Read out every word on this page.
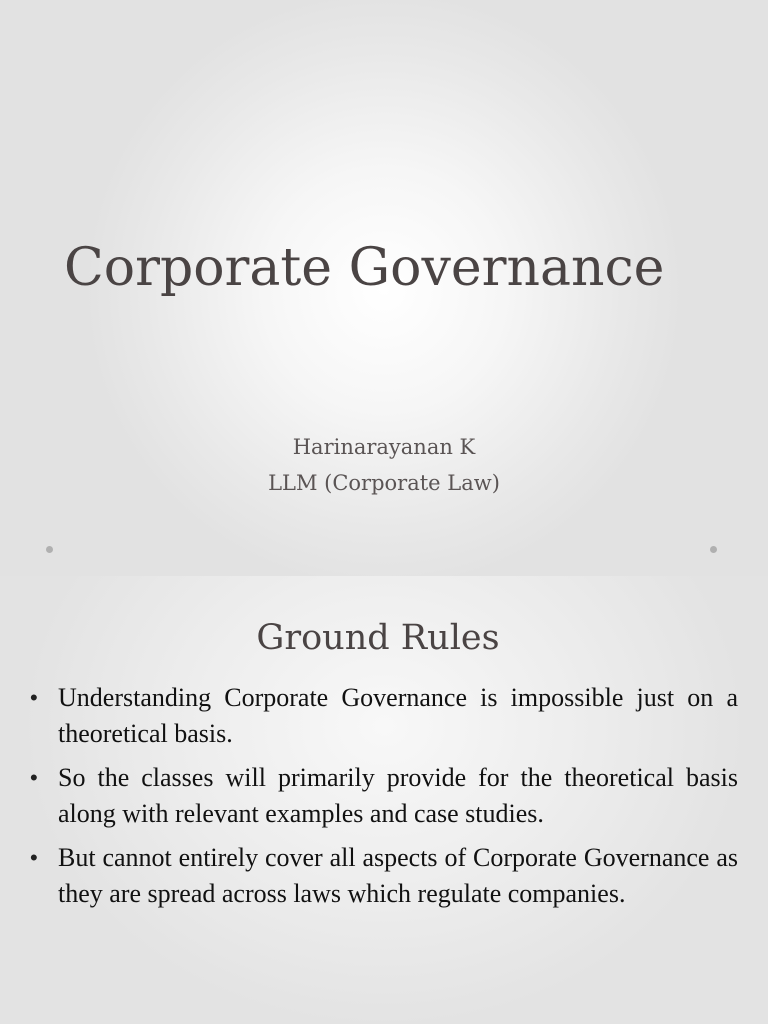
Corporate Governance

Harinarayanan K

LLM (Corporate Law)

Ground Rules
• Understanding Corporate Governance is impossible just on a theoretical basis.
• So the classes will primarily provide for the theoretical basis along with relevant examples and case studies.
• But cannot entirely cover all aspects of Corporate Governance as they are spread across laws which regulate companies.
